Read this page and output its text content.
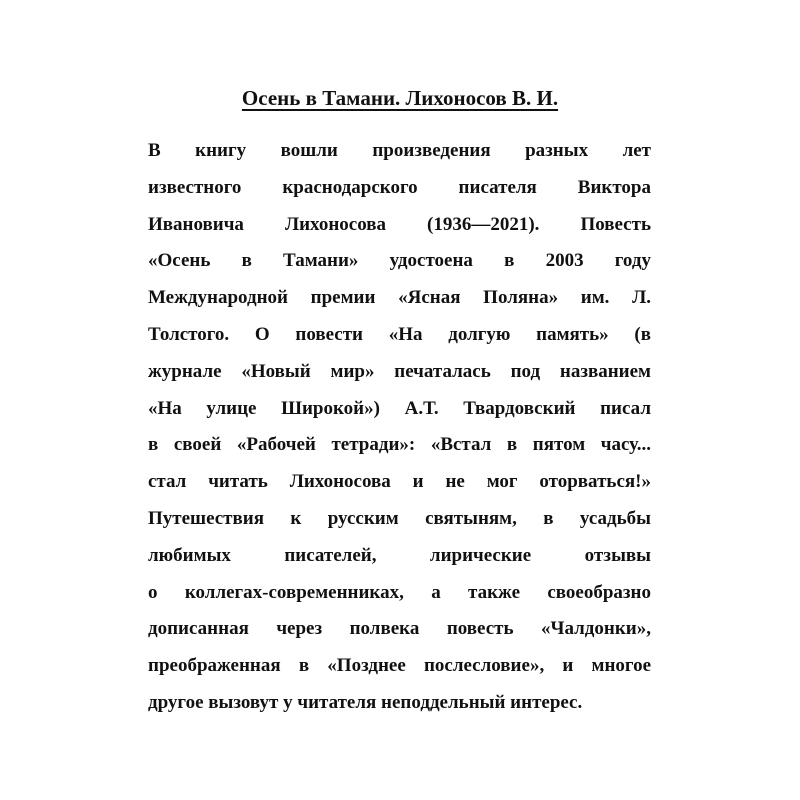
Осень в Тамани. Лихоносов В. И.
В книгу вошли произведения разных лет
известного краснодарского писателя Виктора
Ивановича Лихоносова (1936—2021). Повесть
«Осень в Тамани» удостоена в 2003 году
Международной премии «Ясная Поляна» им. Л.
Толстого. О повести «На долгую память» (в
журнале «Новый мир» печаталась под названием
«На улице Широкой») А.Т. Твардовский писал
в своей «Рабочей тетради»: «Встал в пятом часу...
стал читать Лихоносова и не мог оторваться!»
Путешествия к русским святыням, в усадьбы
любимых писателей, лирические отзывы
о коллегах-современниках, а также своеобразно
дописанная через полвека повесть «Чалдонки»,
преображенная в «Позднее послесловие», и многое
другое вызовут у читателя неподдельный интерес.
